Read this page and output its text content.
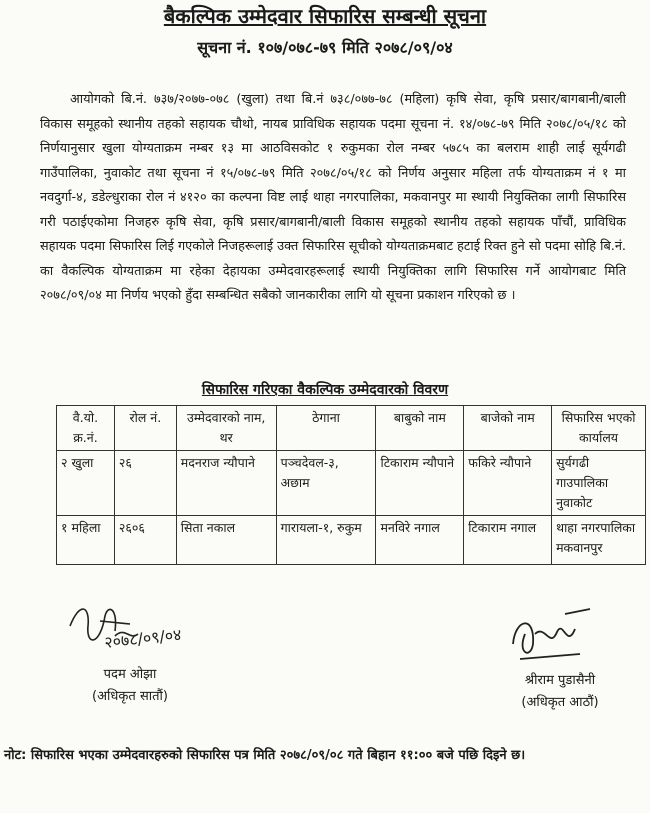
बैकल्पिक उम्मेदवार सिफारिस सम्बन्धी सूचना
सूचना नं. १०७/०७८-७९ मिति २०७८/०९/०४
आयोगको बि.नं. ७३७/२०७७-०७८ (खुला) तथा बि.नं ७३८/०७७-७८ (महिला) कृषि सेवा, कृषि प्रसार/बागबानी/बाली विकास समूहको स्थानीय तहको सहायक चौथो, नायब प्राविधिक सहायक पदमा सूचना नं. १४/०७८-७९ मिति २०७८/०५/१८ को निर्णयानुसार खुला योग्यताक्रम नम्बर १३ मा आठविसकोट १ रुकुमका रोल नम्बर ५७८५ का बलराम शाही लाई सूर्यगढी गाउँपालिका, नुवाकोट तथा सूचना नं १५/०७८-७९ मिति २०७८/०५/१८ को निर्णय अनुसार महिला तर्फ योग्यताक्रम नं १ मा नवदुर्गा-४, डडेल्धुराका रोल नं ४१२० का कल्पना विष्ट लाई थाहा नगरपालिका, मकवानपुर मा स्थायी नियुक्तिका लागी सिफारिस गरी पठाईएकोमा निजहरु कृषि सेवा, कृषि प्रसार/बागबानी/बाली विकास समूहको स्थानीय तहको सहायक पाँचौं, प्राविधिक सहायक पदमा सिफारिस लिई गएकोले निजहरूलाई उक्त सिफारिस सूचीको योग्यताक्रमबाट हटाई रिक्त हुने सो पदमा सोहि बि.नं. का वैकल्पिक योग्यताक्रम मा रहेका देहायका उम्मेदवारहरूलाई स्थायी नियुक्तिका लागि सिफारिस गर्ने आयोगबाट मिति २०७८/०९/०४ मा निर्णय भएको हुँदा सम्बन्धित सबैको जानकारीका लागि यो सूचना प्रकाशन गरिएको छ ।
सिफारिस गरिएका वैकल्पिक उम्मेदवारको विवरण
वै.यो. क्र.नं.	रोल नं.	उम्मेदवारको नाम, थर	ठेगाना	बाबुको नाम	बाजेको नाम	सिफारिस भएको कार्यालय
२ खुला	२६	मदनराज न्यौपाने	पञ्चदेवल-३, अछाम	टिकाराम न्यौपाने	फकिरे न्यौपाने	सुर्यगढी गाउपालिका नुवाकोट
१ महिला	२६०६	सिता नकाल	गारायला-१, रुकुम	मनविरे नगाल	टिकाराम नगाल	थाहा नगरपालिका मकवानपुर
२०७८/०९/०४
पदम ओझा
(अधिकृत सातौं)
श्रीराम पुडासैनी
(अधिकृत आठौं)
नोट: सिफारिस भएका उम्मेदवारहरुको सिफारिस पत्र मिति २०७८/०९/०८ गते बिहान ११:०० बजे पछि दिइने छ।
